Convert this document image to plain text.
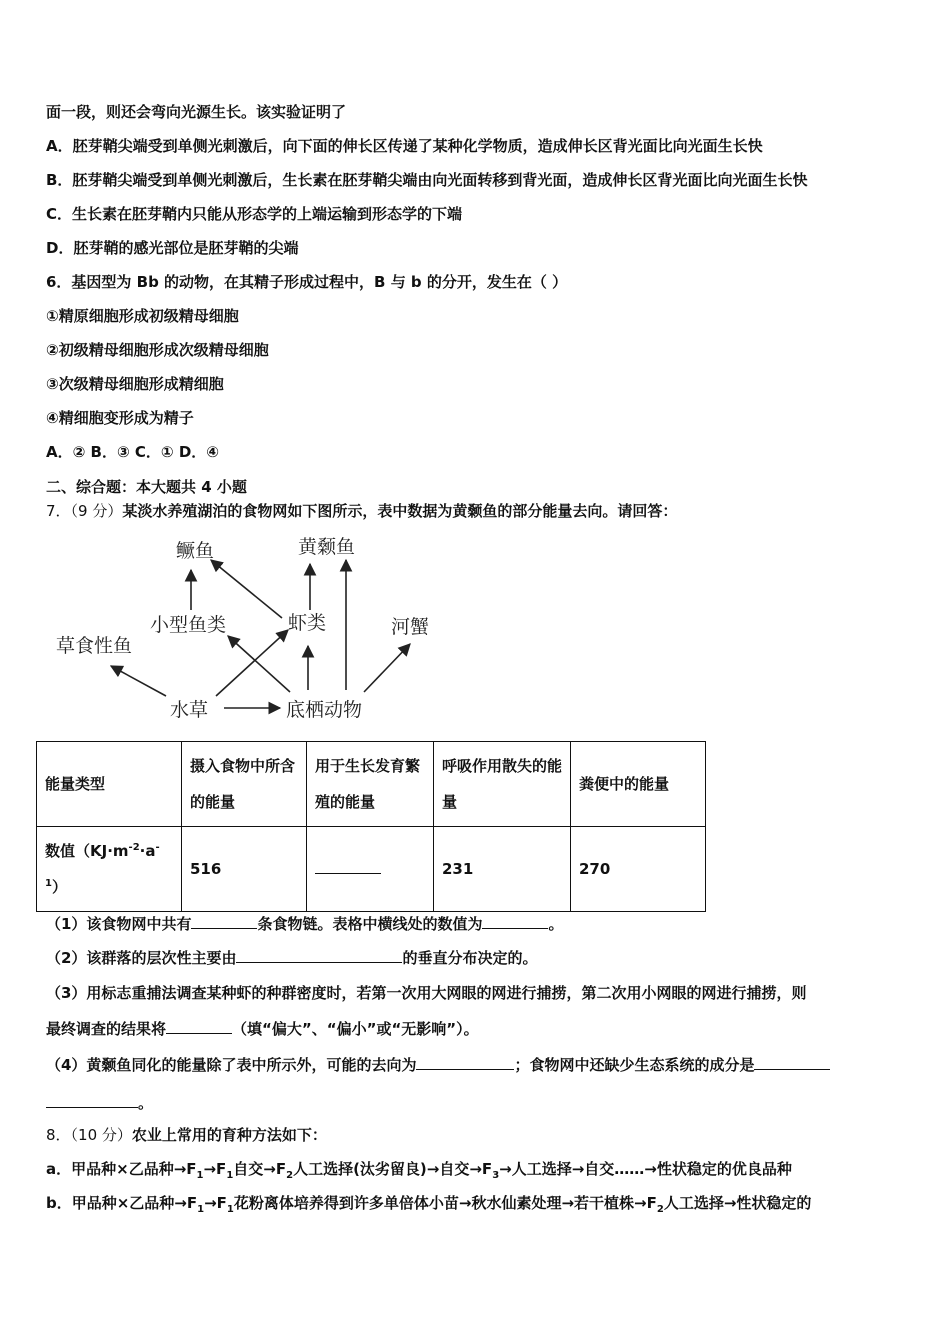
面一段，则还会弯向光源生长。该实验证明了
A．胚芽鞘尖端受到单侧光刺激后，向下面的伸长区传递了某种化学物质，造成伸长区背光面比向光面生长快
B．胚芽鞘尖端受到单侧光刺激后，生长素在胚芽鞘尖端由向光面转移到背光面，造成伸长区背光面比向光面生长快
C．生长素在胚芽鞘内只能从形态学的上端运输到形态学的下端
D．胚芽鞘的感光部位是胚芽鞘的尖端
6．基因型为 Bb 的动物，在其精子形成过程中，B 与 b 的分开，发生在（ ）
①精原细胞形成初级精母细胞
②初级精母细胞形成次级精母细胞
③次级精母细胞形成精细胞
④精细胞变形成为精子
A．② B．③ C．① D．④
二、综合题：本大题共 4 小题
7．（9 分）某淡水养殖湖泊的食物网如下图所示，表中数据为黄颡鱼的部分能量去向。请回答：
鳜鱼	黄颡鱼
小型鱼类	虾类	河蟹
草食性鱼
水草	底栖动物
能量类型	摄入食物中所含的能量	用于生长发育繁殖的能量	呼吸作用散失的能量	粪便中的能量
数值$(KJ\cdot m^{-2}\cdot a^{-1})$	516		231	270
（1）该食物网中共有	条食物链。表格中横线处的数值为	。
（2）该群落的层次性主要由	的垂直分布决定的。
（3）用标志重捕法调查某种虾的种群密度时，若第一次用大网眼的网进行捕捞，第二次用小网眼的网进行捕捞，则
最终调查的结果将	（填“偏大”、“偏小”或“无影响”）。
（4）黄颡鱼同化的能量除了表中所示外，可能的去向为	；食物网中还缺少生态系统的成分是
。
8．（10 分）农业上常用的育种方法如下：
a．甲品种×乙品种$\to F_1\to F_1$自交$\to F_2$人工选择(汰劣留良)→自交$\to F_3\to$人工选择→自交……→性状稳定的优良品种
b．甲品种×乙品种$\to F_1\to F_1$花粉离体培养得到许多单倍体小苗→秋水仙素处理→若干植株$\to F_2$人工选择→性状稳定的
